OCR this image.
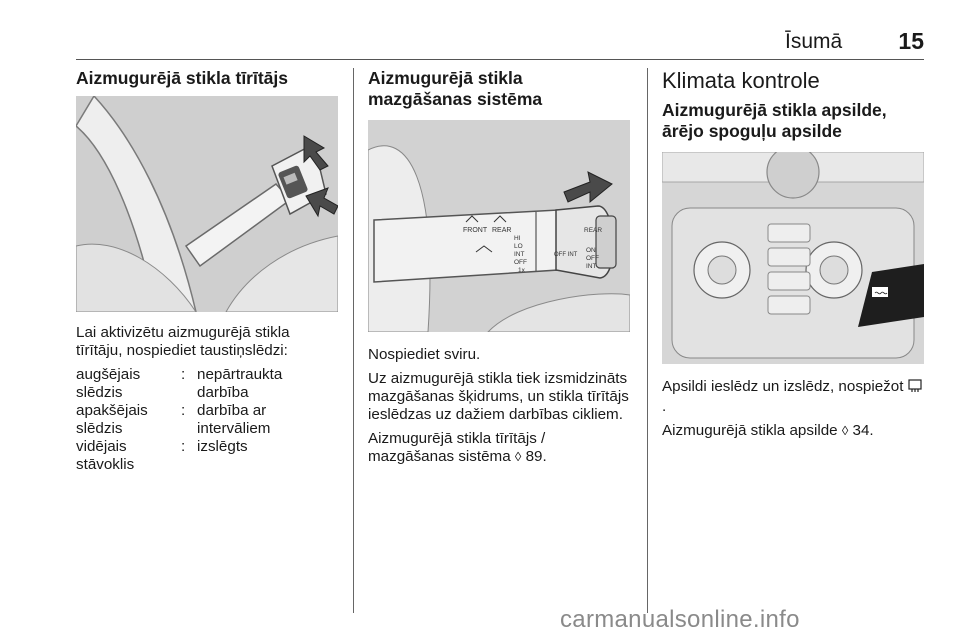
Īsumā 15
Aizmugurējā stikla tīrītājs

Lai aktivizētu aizmugurējā stikla tīrītāju, nospiediet taustiņslēdzi:

augšējais slēdzis
: nepārtraukta darbība
apakšējais slēdzis
: darbība ar intervāliem
vidējais stāvoklis
: izslēgts
Aizmugurējā stikla mazgāšanas sistēma
FRONT REAR
HI
LO
INT
OFF
1x
REAR
ON
OFF
INT
OFF INT

Nospiediet sviru.

Uz aizmugurējā stikla tiek izsmidzināts mazgāšanas šķidrums, un stikla tīrītājs ieslēdzas uz dažiem darbības cikliem.

Aizmugurējā stikla tīrītājs / mazgāšanas sistēma ◊ 89.

Klimata kontrole
Aizmugurējā stikla apsilde, ārējo spoguļu apsilde

Apsildi ieslēdz un izslēdz, nospiežot .

Aizmugurējā stikla apsilde ◊ 34.

carmanualsonline.info
